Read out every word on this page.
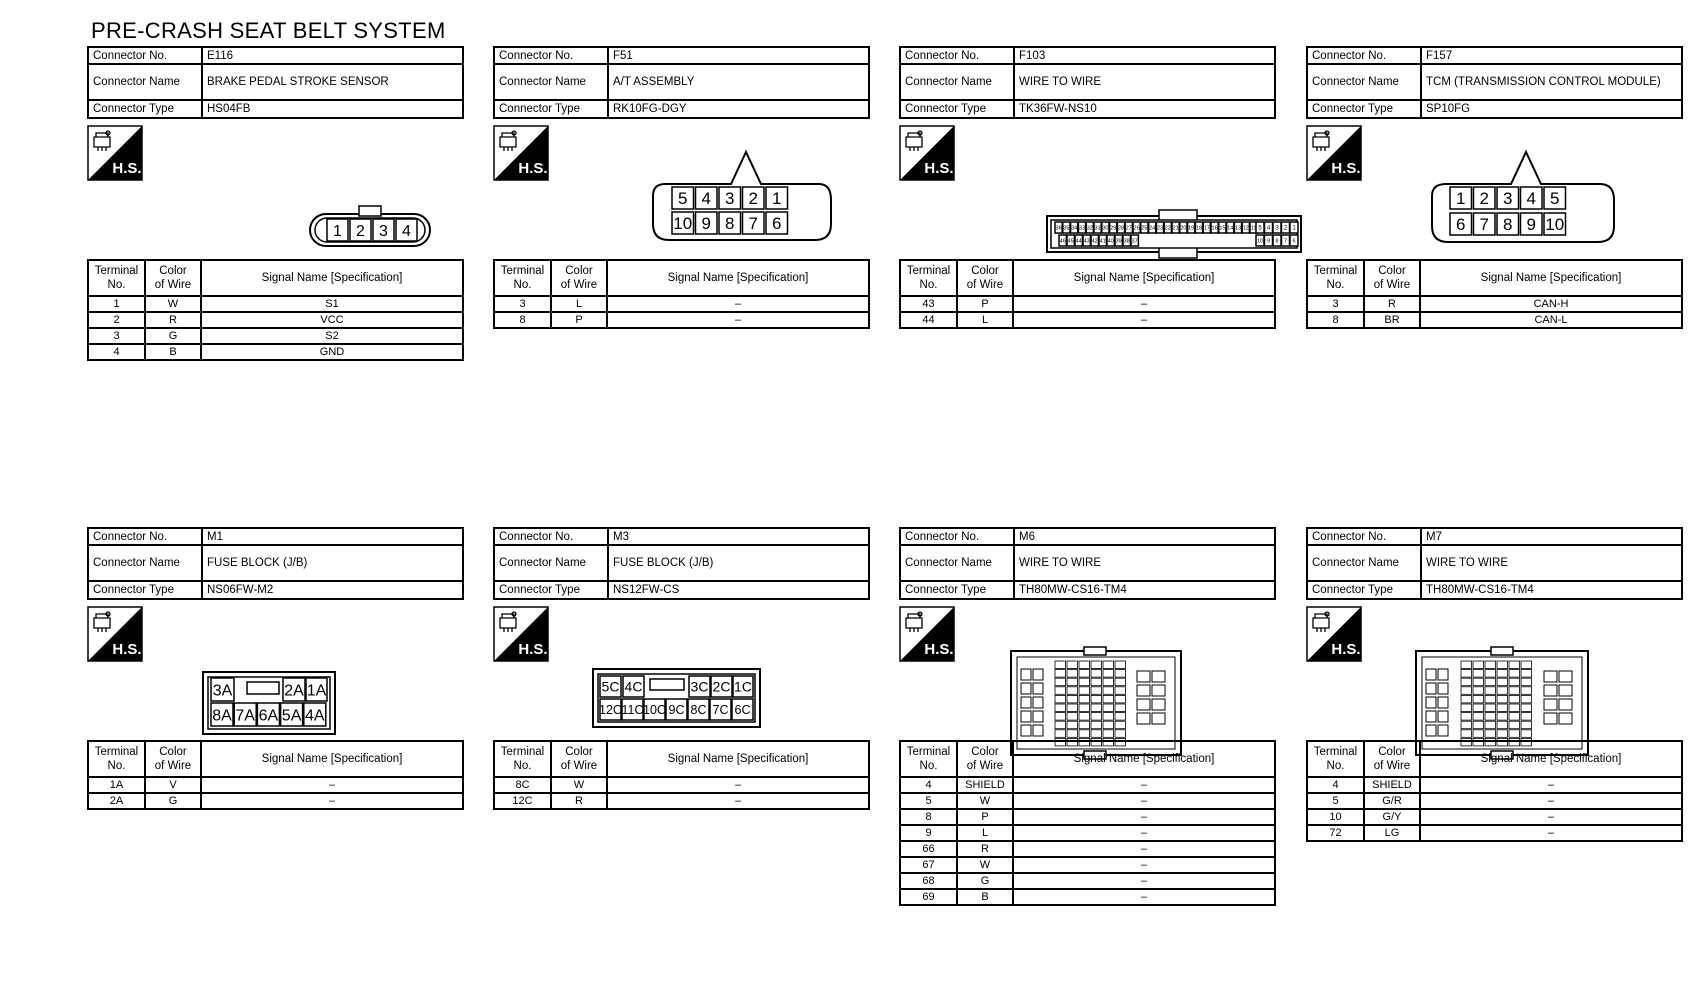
PRE-CRASH SEAT BELT SYSTEM
Connector No.	E116
Connector Name	BRAKE PEDAL STROKE SENSOR
Connector Type	HS04FB
H.S.
1 2 3 4
Terminal
No.	Color
of Wire	Signal Name [Specification]
1	W	S1
2	R	VCC
3	G	S2
4	B	GND
Connector No.	F51
Connector Name	A/T ASSEMBLY
Connector Type	RK10FG-DGY
H.S.
5 4 3 2 1
10 9 8 7 6
Terminal
No.	Color
of Wire	Signal Name [Specification]
3	L	–
8	P	–
Connector No.	F103
Connector Name	WIRE TO WIRE
Connector Type	TK36FW-NS10
H.S.
36 35 34 33 32 31 30 29 28 27 26 25 24 23 22 21 20 19 18 17 16 15 14 13 12 11 5 4 3 2 1
46 45 44 43 42 41 40 39 38 37	10 9 8 7 6
Terminal
No.	Color
of Wire	Signal Name [Specification]
43	P	–
44	L	–
Connector No.	F157
Connector Name	TCM (TRANSMISSION CONTROL MODULE)
Connector Type	SP10FG
H.S.
1 2 3 4 5
6 7 8 9 10
Terminal
No.	Color
of Wire	Signal Name [Specification]
3	R	CAN-H
8	BR	CAN-L
Connector No.	M1
Connector Name	FUSE BLOCK (J/B)
Connector Type	NS06FW-M2
H.S.
3A	2A 1A
8A 7A 6A 5A 4A
Terminal
No.	Color
of Wire	Signal Name [Specification]
1A	V	–
2A	G	–
Connector No.	M3
Connector Name	FUSE BLOCK (J/B)
Connector Type	NS12FW-CS
H.S.
5C 4C	3C 2C 1C
12C 11C 10C 9C 8C 7C 6C
Terminal
No.	Color
of Wire	Signal Name [Specification]
8C	W	–
12C	R	–
Connector No.	M6
Connector Name	WIRE TO WIRE
Connector Type	TH80MW-CS16-TM4
H.S.
Terminal
No.	Color
of Wire	Signal Name [Specification]
4	SHIELD	–
5	W	–
8	P	–
9	L	–
66	R	–
67	W	–
68	G	–
69	B	–
Connector No.	M7
Connector Name	WIRE TO WIRE
Connector Type	TH80MW-CS16-TM4
H.S.
Terminal
No.	Color
of Wire	Signal Name [Specification]
4	SHIELD	–
5	G/R	–
10	G/Y	–
72	LG	–
